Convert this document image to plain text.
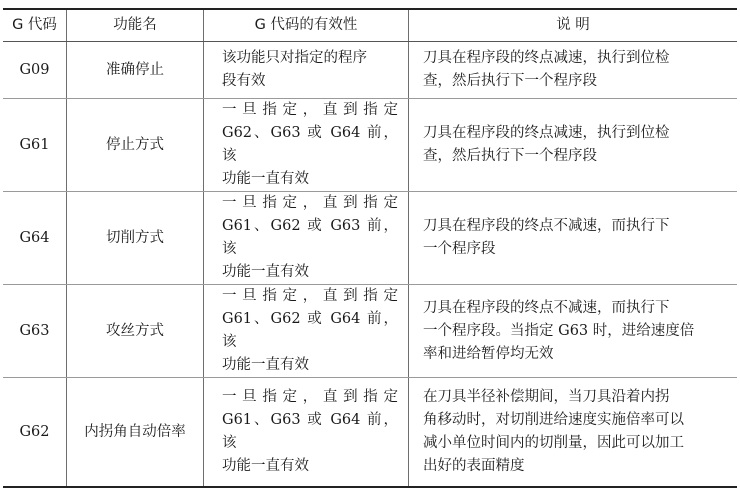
G 代码	功能名	G 代码的有效性	说 明
G09	准确停止	该功能只对指定的程序
段有效	刀具在程序段的终点减速，执行到位检
查，然后执行下一个程序段

G61	停止方式	一旦指定，直到指定
G62、G63 或 G64 前， 该
功能一直有效	刀具在程序段的终点减速，执行到位检
查，然后执行下一个程序段

G64	切削方式	一旦指定，直到指定
G61、G62 或 G63 前， 该
功能一直有效	刀具在程序段的终点不减速，而执行下
一个程序段

G63	攻丝方式	一旦指定，直到指定
G61、G62 或 G64 前， 该
功能一直有效	刀具在程序段的终点不减速，而执行下
一个程序段。当指定 G63 时，进给速度倍
率和进给暂停均无效

G62	内拐角自动倍率	一旦指定，直到指定
G61、G63 或 G64 前， 该
功能一直有效	在刀具半径补偿期间，当刀具沿着内拐
角移动时，对切削进给速度实施倍率可以
减小单位时间内的切削量，因此可以加工
出好的表面精度
